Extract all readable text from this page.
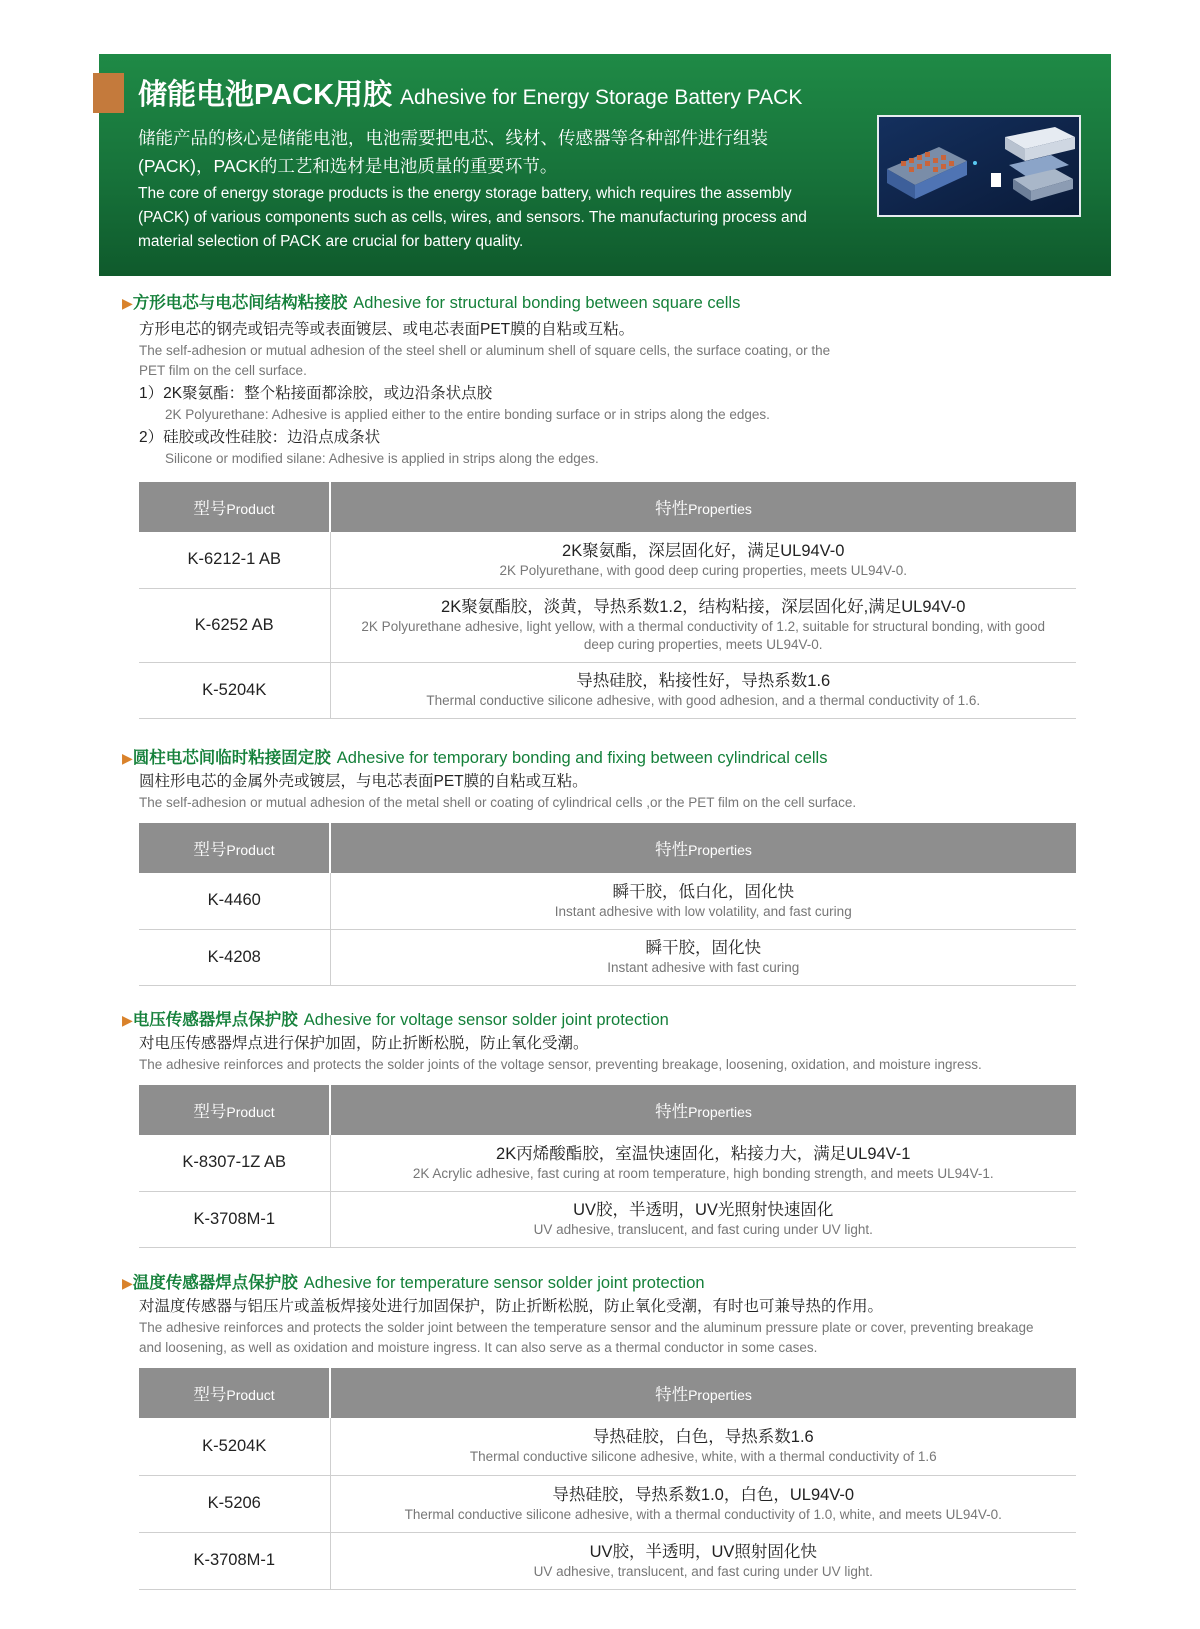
储能电池PACK用胶 Adhesive for Energy Storage Battery PACK
储能产品的核心是储能电池，电池需要把电芯、线材、传感器等各种部件进行组装(PACK)，PACK的工艺和选材是电池质量的重要环节。
The core of energy storage products is the energy storage battery, which requires the assembly (PACK) of various components such as cells, wires, and sensors. The manufacturing process and material selection of PACK are crucial for battery quality.
▶方形电芯与电芯间结构粘接胶 Adhesive for structural bonding between square cells
方形电芯的钢壳或铝壳等或表面镀层、或电芯表面PET膜的自粘或互粘。
The self-adhesion or mutual adhesion of the steel shell or aluminum shell of square cells, the surface coating, or the PET film on the cell surface.
1）2K聚氨酯：整个粘接面都涂胶，或边沿条状点胶
2K Polyurethane: Adhesive is applied either to the entire bonding surface or in strips along the edges.
2）硅胶或改性硅胶：边沿点成条状
Silicone or modified silane: Adhesive is applied in strips along the edges.
型号Product	特性Properties
K-6212-1 AB	2K聚氨酯，深层固化好，满足UL94V-0
2K Polyurethane, with good deep curing properties, meets UL94V-0.

K-6252 AB	2K聚氨酯胶，淡黄，导热系数1.2，结构粘接，深层固化好,满足UL94V-0
2K Polyurethane adhesive, light yellow, with a thermal conductivity of 1.2, suitable for structural bonding, with good deep curing properties, meets UL94V-0.

K-5204K	导热硅胶，粘接性好，导热系数1.6
Thermal conductive silicone adhesive, with good adhesion, and a thermal conductivity of 1.6.
▶圆柱电芯间临时粘接固定胶 Adhesive for temporary bonding and fixing between cylindrical cells
圆柱形电芯的金属外壳或镀层，与电芯表面PET膜的自粘或互粘。
The self-adhesion or mutual adhesion of the metal shell or coating of cylindrical cells ,or the PET film on the cell surface.
型号Product	特性Properties
K-4460	瞬干胶，低白化，固化快
Instant adhesive with low volatility, and fast curing

K-4208	瞬干胶，固化快
Instant adhesive with fast curing
▶电压传感器焊点保护胶 Adhesive for voltage sensor solder joint protection
对电压传感器焊点进行保护加固，防止折断松脱，防止氧化受潮。
The adhesive reinforces and protects the solder joints of the voltage sensor, preventing breakage, loosening, oxidation, and moisture ingress.
型号Product	特性Properties
K-8307-1Z AB	2K丙烯酸酯胶，室温快速固化，粘接力大，满足UL94V-1
2K Acrylic adhesive, fast curing at room temperature, high bonding strength, and meets UL94V-1.

K-3708M-1	UV胶，半透明，UV光照射快速固化
UV adhesive, translucent, and fast curing under UV light.
▶温度传感器焊点保护胶 Adhesive for temperature sensor solder joint protection
对温度传感器与铝压片或盖板焊接处进行加固保护，防止折断松脱，防止氧化受潮，有时也可兼导热的作用。
The adhesive reinforces and protects the solder joint between the temperature sensor and the aluminum pressure plate or cover, preventing breakage and loosening, as well as oxidation and moisture ingress. It can also serve as a thermal conductor in some cases.
型号Product	特性Properties
K-5204K	导热硅胶，白色，导热系数1.6
Thermal conductive silicone adhesive, white, with a thermal conductivity of 1.6

K-5206	导热硅胶，导热系数1.0，白色，UL94V-0
Thermal conductive silicone adhesive, with a thermal conductivity of 1.0, white, and meets UL94V-0.

K-3708M-1	UV胶，半透明，UV照射固化快
UV adhesive, translucent, and fast curing under UV light.
